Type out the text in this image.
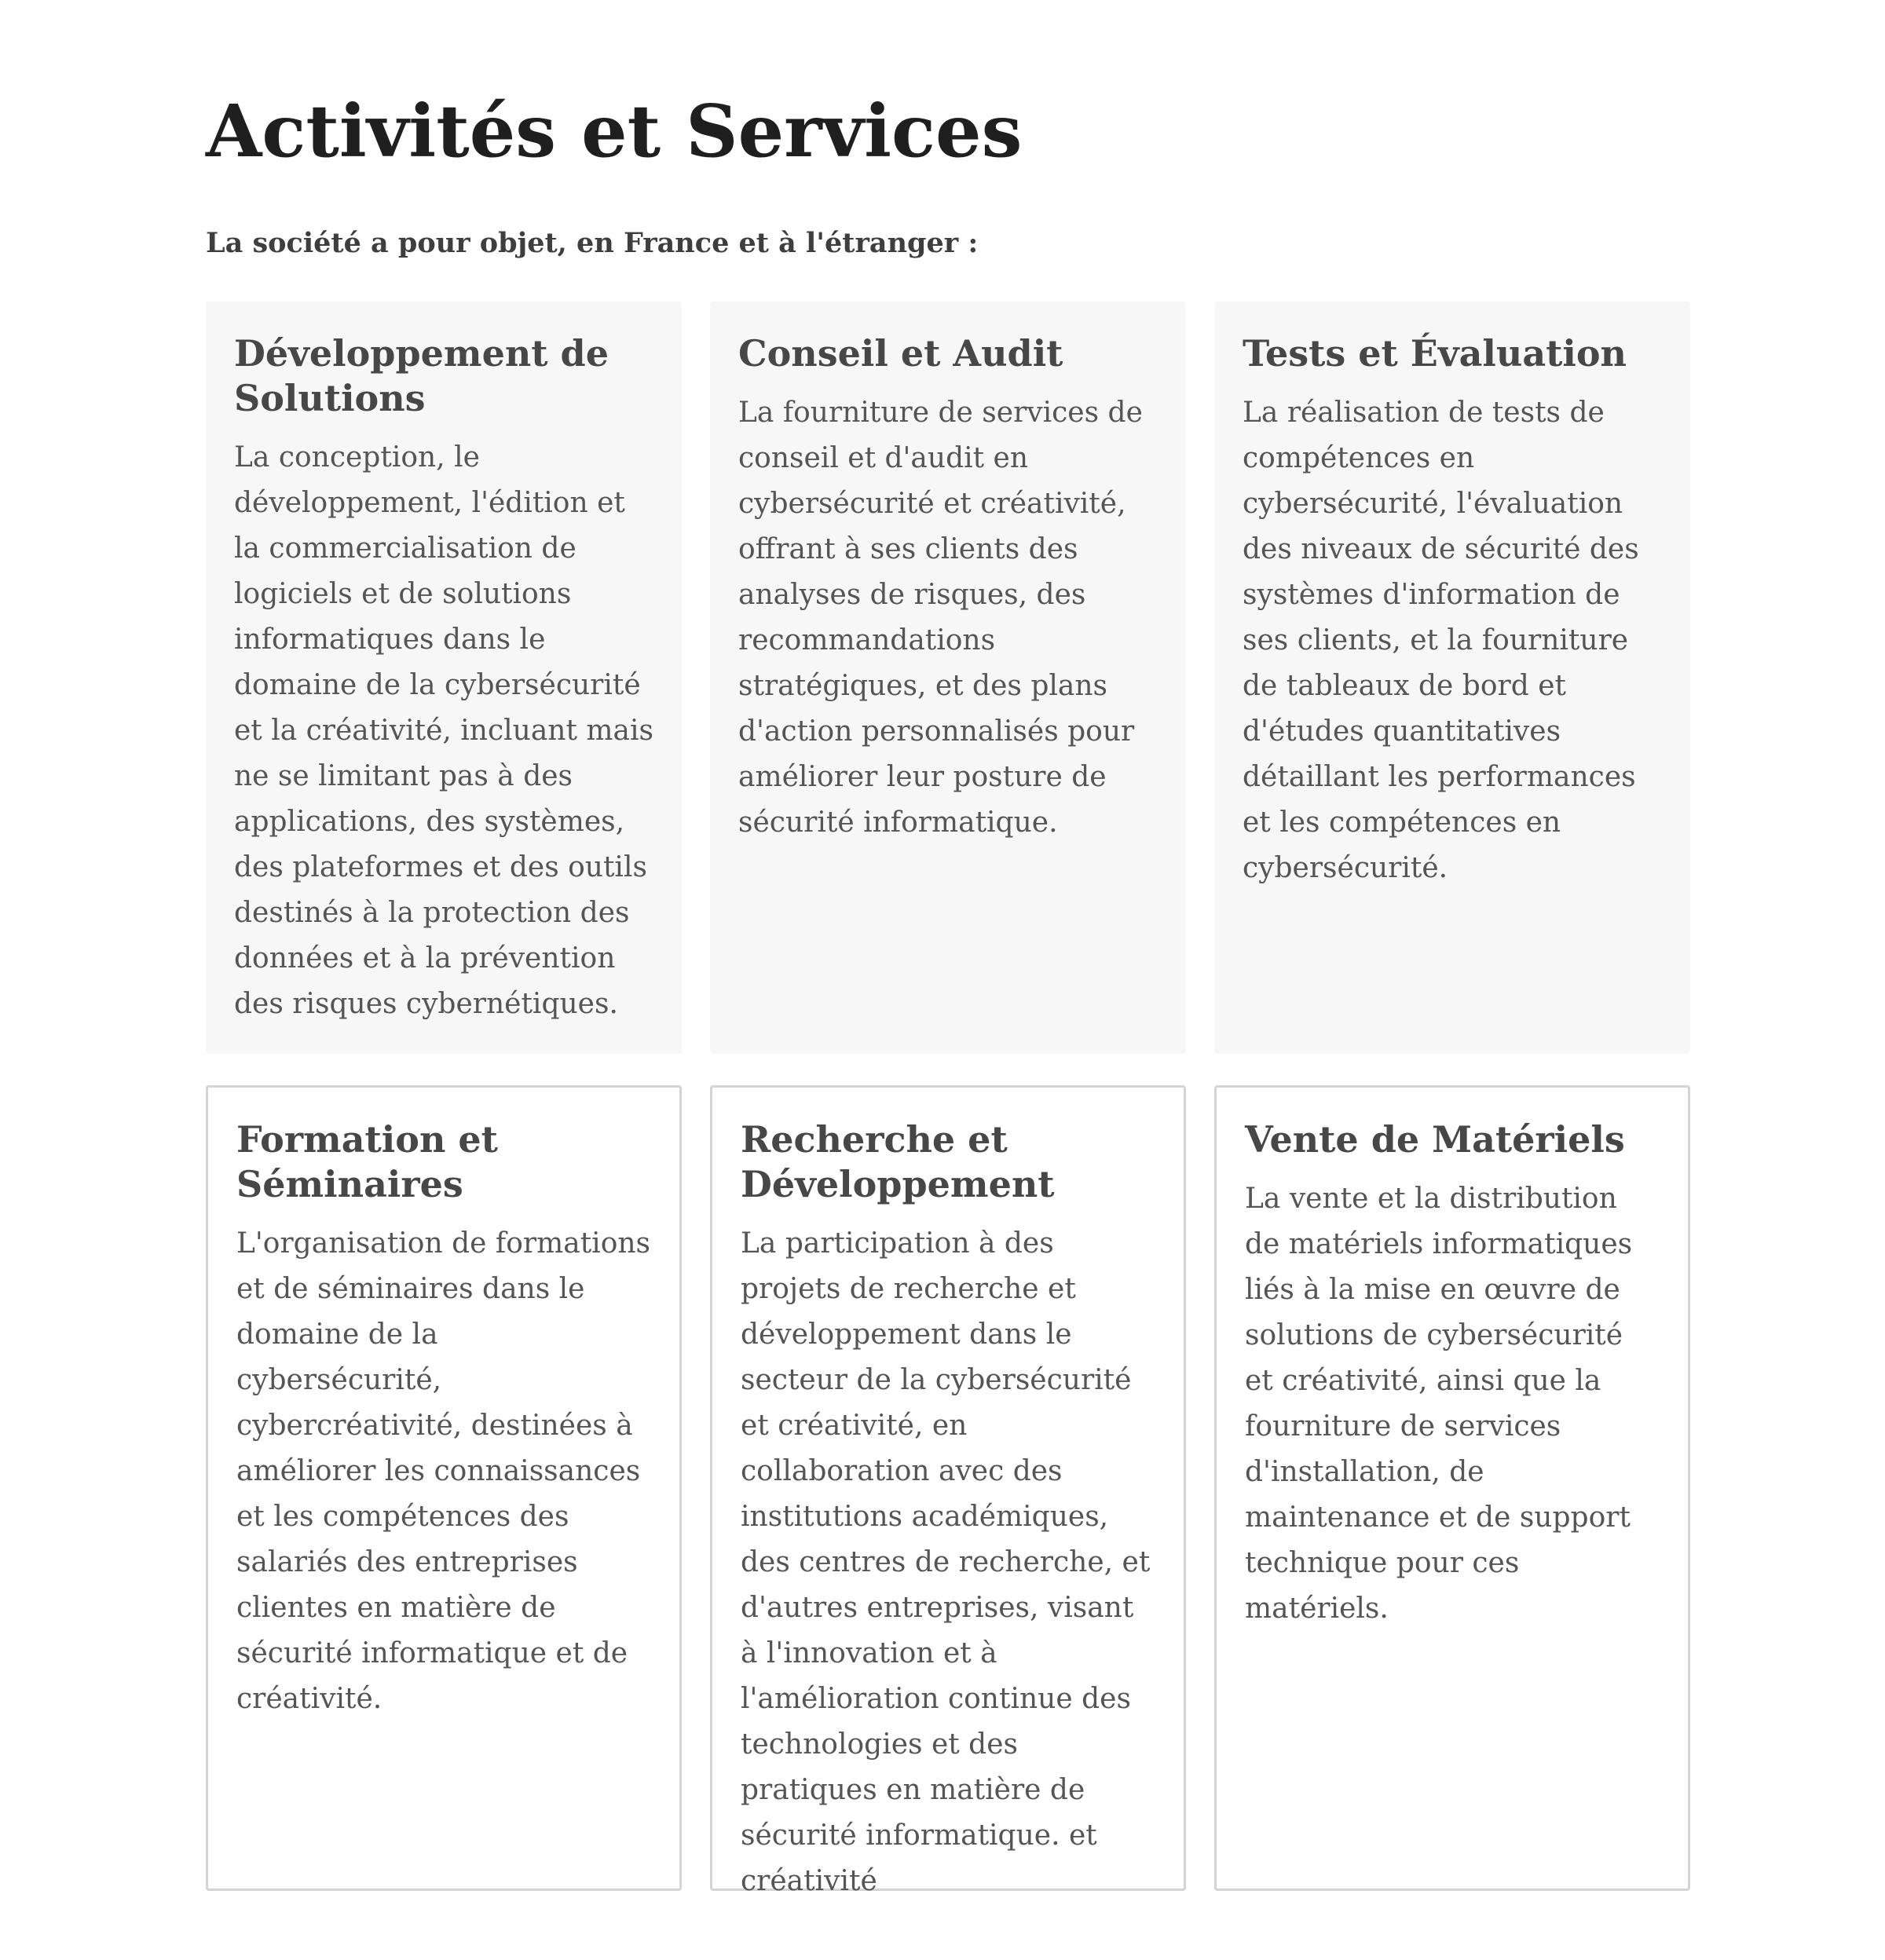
Activités et Services

La société a pour objet, en France et à l'étranger :

Développement de Solutions

La conception, le développement, l'édition et la commercialisation de logiciels et de solutions informatiques dans le domaine de la cybersécurité et la créativité, incluant mais ne se limitant pas à des applications, des systèmes, des plateformes et des outils destinés à la protection des données et à la prévention des risques cybernétiques.

Conseil et Audit

La fourniture de services de conseil et d'audit en cybersécurité et créativité, offrant à ses clients des analyses de risques, des recommandations stratégiques, et des plans d'action personnalisés pour améliorer leur posture de sécurité informatique.

Tests et Évaluation

La réalisation de tests de compétences en cybersécurité, l'évaluation des niveaux de sécurité des systèmes d'information de ses clients, et la fourniture de tableaux de bord et d'études quantitatives détaillant les performances et les compétences en cybersécurité.

Formation et Séminaires

L'organisation de formations et de séminaires dans le domaine de la cybersécurité, cybercréativité, destinées à améliorer les connaissances et les compétences des salariés des entreprises clientes en matière de sécurité informatique et de créativité.

Recherche et Développement

La participation à des projets de recherche et développement dans le secteur de la cybersécurité et créativité, en collaboration avec des institutions académiques, des centres de recherche, et d'autres entreprises, visant à l'innovation et à l'amélioration continue des technologies et des pratiques en matière de sécurité informatique. et créativité

Vente de Matériels

La vente et la distribution de matériels informatiques liés à la mise en œuvre de solutions de cybersécurité et créativité, ainsi que la fourniture de services d'installation, de maintenance et de support technique pour ces matériels.
